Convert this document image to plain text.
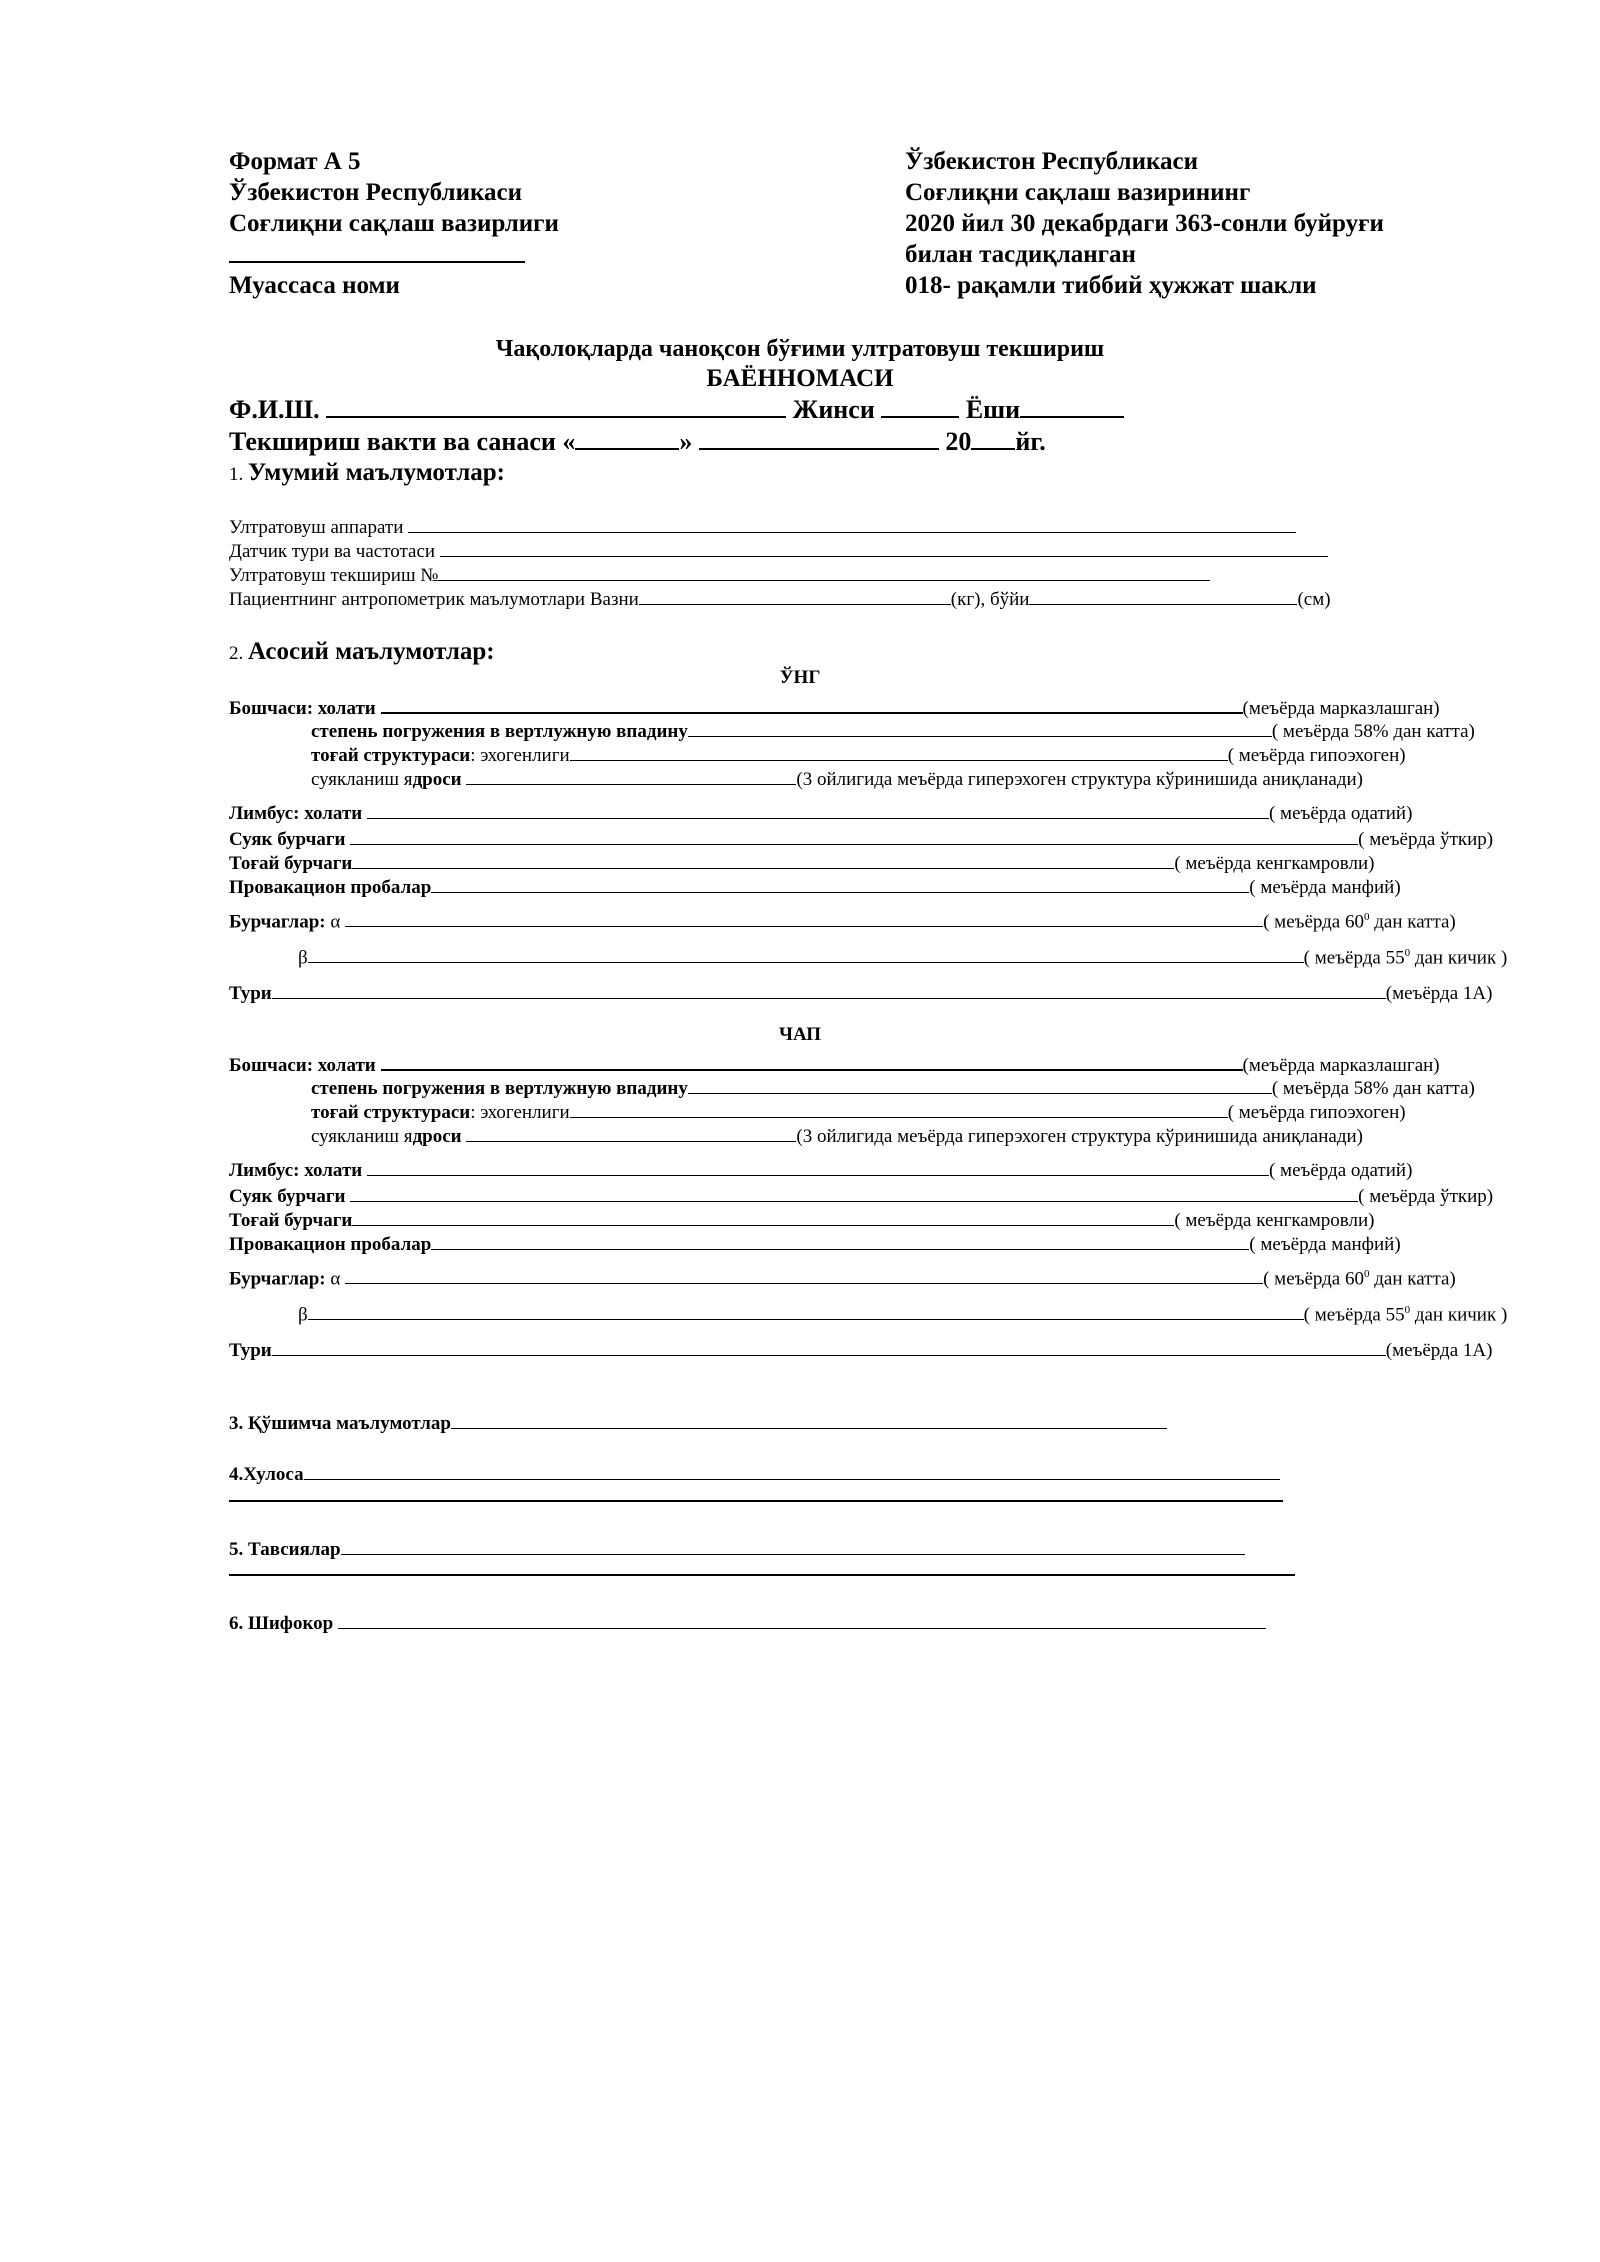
Формат А 5
Ўзбекистон Республикаси
Соғлиқни сақлаш вазирлиги
Муассаса номи
Ўзбекистон Республикаси
Соғлиқни сақлаш вазирининг
2020 йил 30 декабрдаги 363-сонли буйруғи
билан тасдиқланган
018- рақамли тиббий ҳужжат шакли
Чақолоқларда чаноқсон бўғими ултратовуш текшириш
БАЁННОМАСИ
Ф.И.Ш.	Жинси	Ёши
Текшириш вакти ва санаси «	»	20 йг.
1. Умумий маълумотлар:
Ултратовуш аппарати
Датчик тури ва частотаси
Ултратовуш текшириш №
Пациентнинг антропометрик маълумотлари Вазни	(кг), бўйи	(см)
2. Асосий маълумотлар:
ЎНГ
Бошчаси: холати	(меъёрда марказлашган)
степень погружения в вертлужную впадину	( меъёрда 58% дан катта)
тоғай структураси: эхогенлиги	( меъёрда гипоэхоген)
суякланиш ядроси	(3 ойлигида меъёрда гиперэхоген структура кўринишида аниқланади)
Лимбус: холати	( меъёрда одатий)
Суяк бурчаги	( меъёрда ўткир)
Тоғай бурчаги	( меъёрда кенгкамровли)
Провакацион пробалар	( меъёрда манфий)
Бурчаглар: α	( меъёрда $60^0$ дан катта)
β	( меъёрда $55^0$ дан кичик )
Тури	(меъёрда 1А)
ЧАП
Бошчаси: холати	(меъёрда марказлашган)
степень погружения в вертлужную впадину	( меъёрда 58% дан катта)
тоғай структураси: эхогенлиги	( меъёрда гипоэхоген)
суякланиш ядроси	(3 ойлигида меъёрда гиперэхоген структура кўринишида аниқланади)
Лимбус: холати	( меъёрда одатий)
Суяк бурчаги	( меъёрда ўткир)
Тоғай бурчаги	( меъёрда кенгкамровли)
Провакацион пробалар	( меъёрда манфий)
Бурчаглар: α	( меъёрда $60^0$ дан катта)
β	( меъёрда $55^0$ дан кичик )
Тури	(меъёрда 1А)
3. Қўшимча маълумотлар
4.Хулоса
5. Тавсиялар
6. Шифокор
